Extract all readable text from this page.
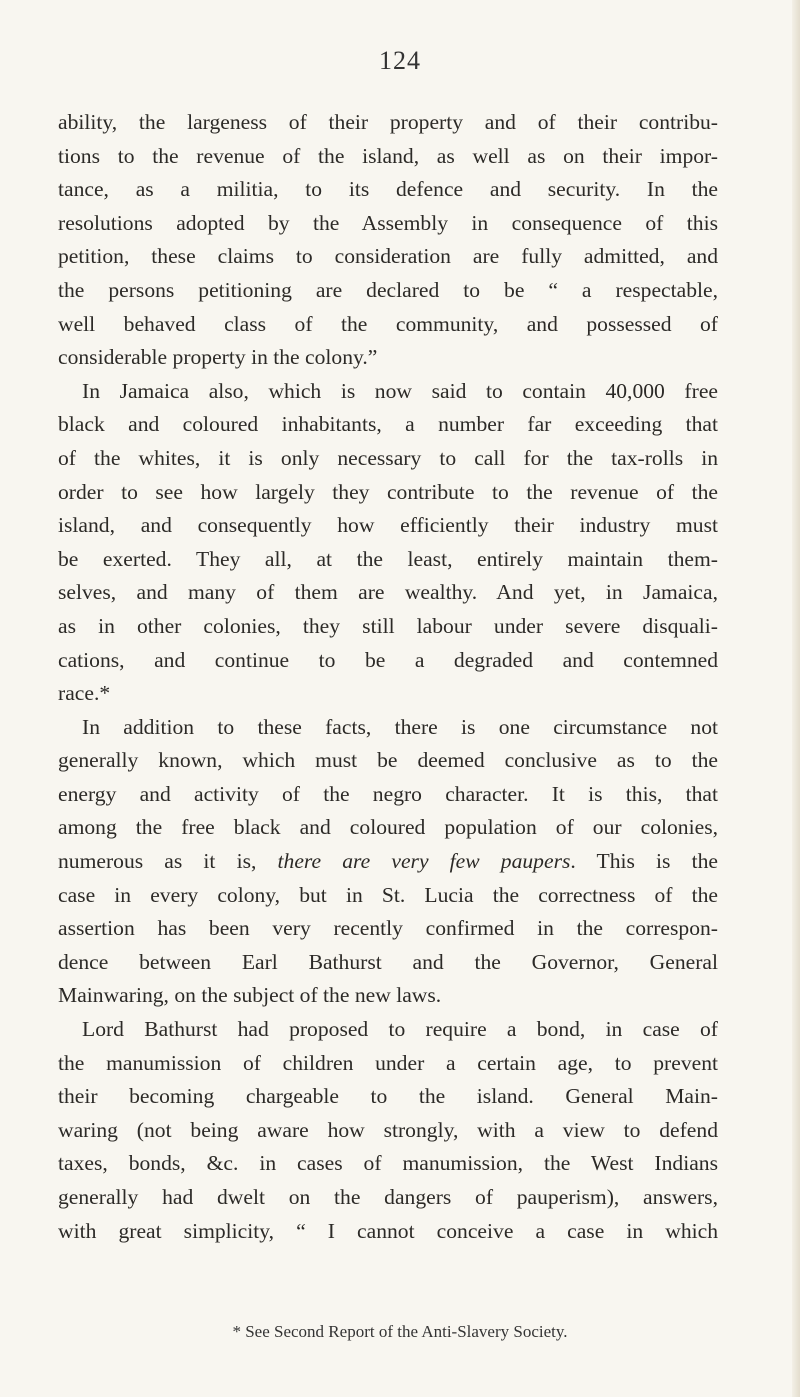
124
ability, the largeness of their property and of their contribu-
tions to the revenue of the island, as well as on their impor-
tance, as a militia, to its defence and security. In the
resolutions adopted by the Assembly in consequence of this
petition, these claims to consideration are fully admitted, and
the persons petitioning are declared to be “ a respectable,
well behaved class of the community, and possessed of
considerable property in the colony.”
In Jamaica also, which is now said to contain 40,000 free
black and coloured inhabitants, a number far exceeding that
of the whites, it is only necessary to call for the tax-rolls in
order to see how largely they contribute to the revenue of the
island, and consequently how efficiently their industry must
be exerted. They all, at the least, entirely maintain them-
selves, and many of them are wealthy. And yet, in Jamaica,
as in other colonies, they still labour under severe disquali-
cations, and continue to be a degraded and contemned
race.*
In addition to these facts, there is one circumstance not
generally known, which must be deemed conclusive as to the
energy and activity of the negro character. It is this, that
among the free black and coloured population of our colonies,
numerous as it is, there are very few paupers. This is the
case in every colony, but in St. Lucia the correctness of the
assertion has been very recently confirmed in the correspon-
dence between Earl Bathurst and the Governor, General
Mainwaring, on the subject of the new laws.
Lord Bathurst had proposed to require a bond, in case of
the manumission of children under a certain age, to prevent
their becoming chargeable to the island. General Main-
waring (not being aware how strongly, with a view to defend
taxes, bonds, &c. in cases of manumission, the West Indians
generally had dwelt on the dangers of pauperism), answers,
with great simplicity, “ I cannot conceive a case in which
* See Second Report of the Anti-Slavery Society.
